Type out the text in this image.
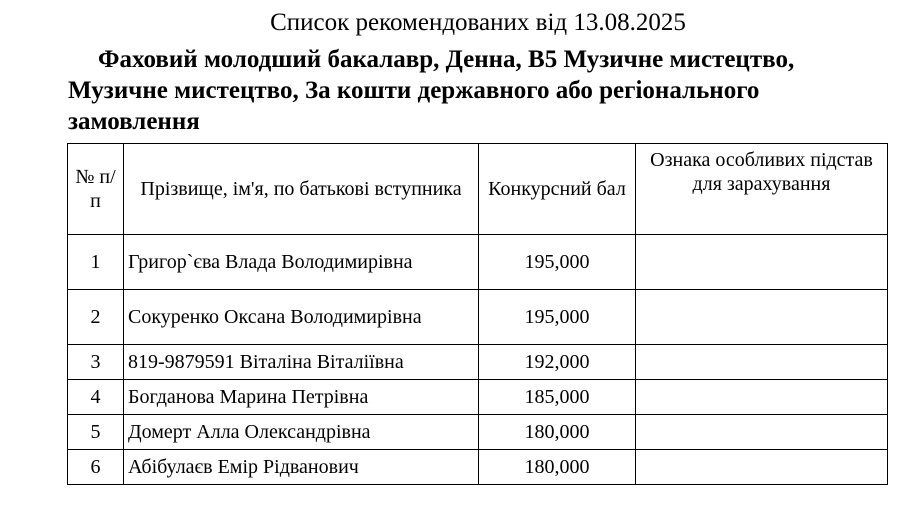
Список рекомендованих від 13.08.2025
Фаховий молодший бакалавр, Денна, B5 Музичне мистецтво, Музичне мистецтво, За кошти державного або регіонального замовлення
№ п/п	Прізвище, ім'я, по батькові вступника	Конкурсний бал	Ознака особливих підстав для зарахування
1	Григор`єва Влада Володимирівна	195,000	
2	Сокуренко Оксана Володимирівна	195,000	
3	819-9879591 Віталіна Віталіївна	192,000	
4	Богданова Марина Петрівна	185,000	
5	Домерт Алла Олександрівна	180,000	
6	Абібулаєв Емір Рідванович	180,000	
